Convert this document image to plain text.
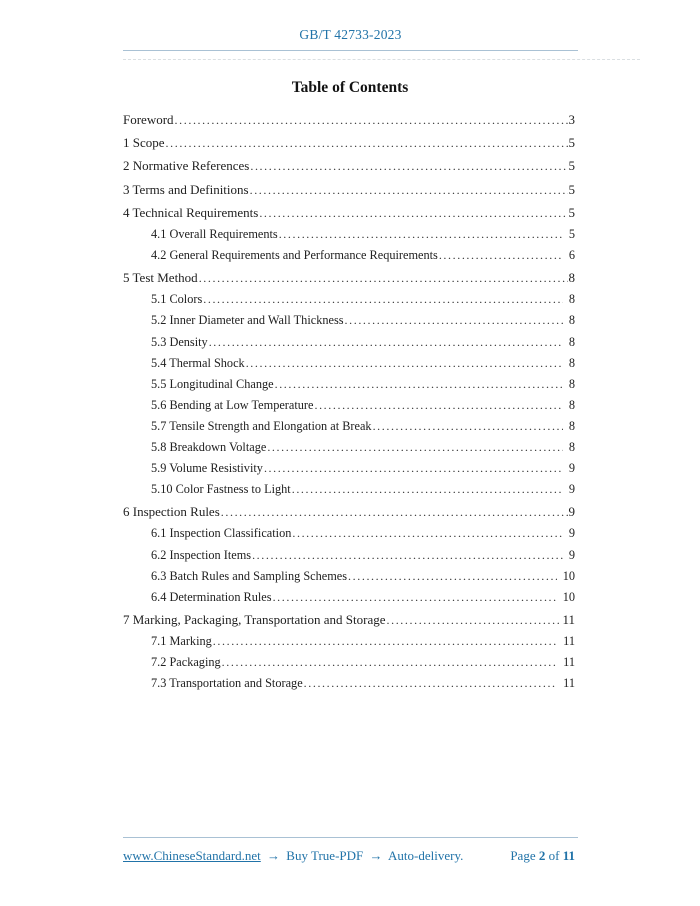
GB/T 42733-2023
Table of Contents
Foreword .....	3
1 Scope .....	5
2 Normative References .....	5
3 Terms and Definitions .....	5
4 Technical Requirements .....	5
4.1 Overall Requirements .....	5
4.2 General Requirements and Performance Requirements .....	6
5 Test Method .....	8
5.1 Colors .....	8
5.2 Inner Diameter and Wall Thickness .....	8
5.3 Density .....	8
5.4 Thermal Shock .....	8
5.5 Longitudinal Change .....	8
5.6 Bending at Low Temperature .....	8
5.7 Tensile Strength and Elongation at Break .....	8
5.8 Breakdown Voltage .....	8
5.9 Volume Resistivity .....	9
5.10 Color Fastness to Light .....	9
6 Inspection Rules .....	9
6.1 Inspection Classification .....	9
6.2 Inspection Items .....	9
6.3 Batch Rules and Sampling Schemes .....	10
6.4 Determination Rules .....	10
7 Marking, Packaging, Transportation and Storage .....	11
7.1 Marking .....	11
7.2 Packaging .....	11
7.3 Transportation and Storage .....	11
www.ChineseStandard.net → Buy True-PDF → Auto-delivery.	Page 2 of 11
